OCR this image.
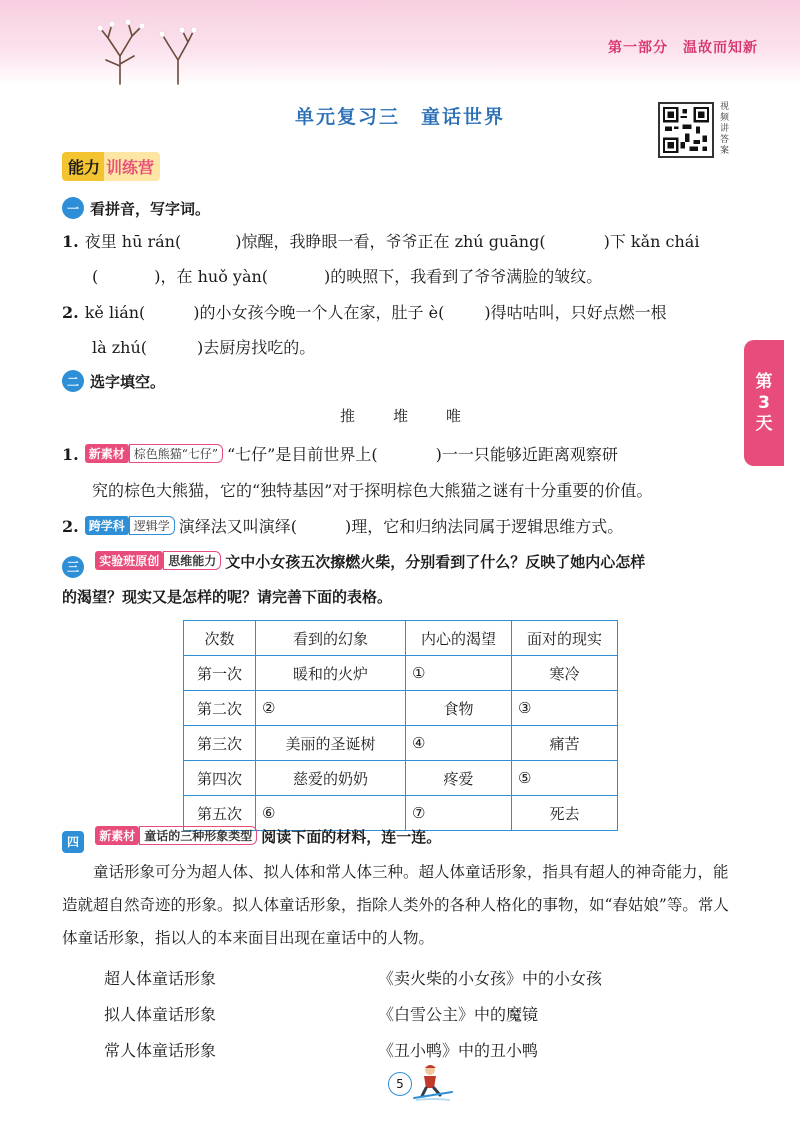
第一部分　温故而知新
单元复习三　童话世界	视频讲答案
能力 训练营
一 看拼音，写字词。
1. 夜里 hū rán(	)惊醒，我睁眼一看，爷爷正在 zhú guāng(	)下 kǎn chái
(	)，在 huǒ yàn(	)的映照下，我看到了爷爷满脸的皱纹。
2. kě lián(	)的小女孩今晚一个人在家，肚子 è(	)得咕咕叫，只好点燃一根
là zhú(	)去厨房找吃的。
二 选字填空。
推堆唯
1. 新素材 棕色熊猫“七仔” “七仔”是目前世界上(	)一一只能够近距离观察研
究的棕色大熊猫，它的“独特基因”对于探明棕色大熊猫之谜有十分重要的价值。
2. 跨学科 逻辑学 演绎法又叫演绎(	)理，它和归纳法同属于逻辑思维方式。
三 实验班原创 思维能力 文中小女孩五次擦燃火柴，分别看到了什么？反映了她内心怎样
的渴望？现实又是怎样的呢？请完善下面的表格。
次数	看到的幻象	内心的渴望	面对的现实
第一次	暖和的火炉	①	寒冷

第二次	②	食物	③

第三次	美丽的圣诞树	④	痛苦

第四次	慈爱的奶奶	疼爱	⑤

第五次	⑥	⑦	死去
第
3
天
四 新素材 童话的三种形象类型 阅读下面的材料，连一连。
童话形象可分为超人体、拟人体和常人体三种。超人体童话形象，指具有超人的神奇能力，能造就超自然奇迹的形象。拟人体童话形象，指除人类外的各种人格化的事物，如“春姑娘”等。常人体童话形象，指以人的本来面目出现在童话中的人物。
超人体童话形象
拟人体童话形象
常人体童话形象
《卖火柴的小女孩》中的小女孩
《白雪公主》中的魔镜
《丑小鸭》中的丑小鸭
5
